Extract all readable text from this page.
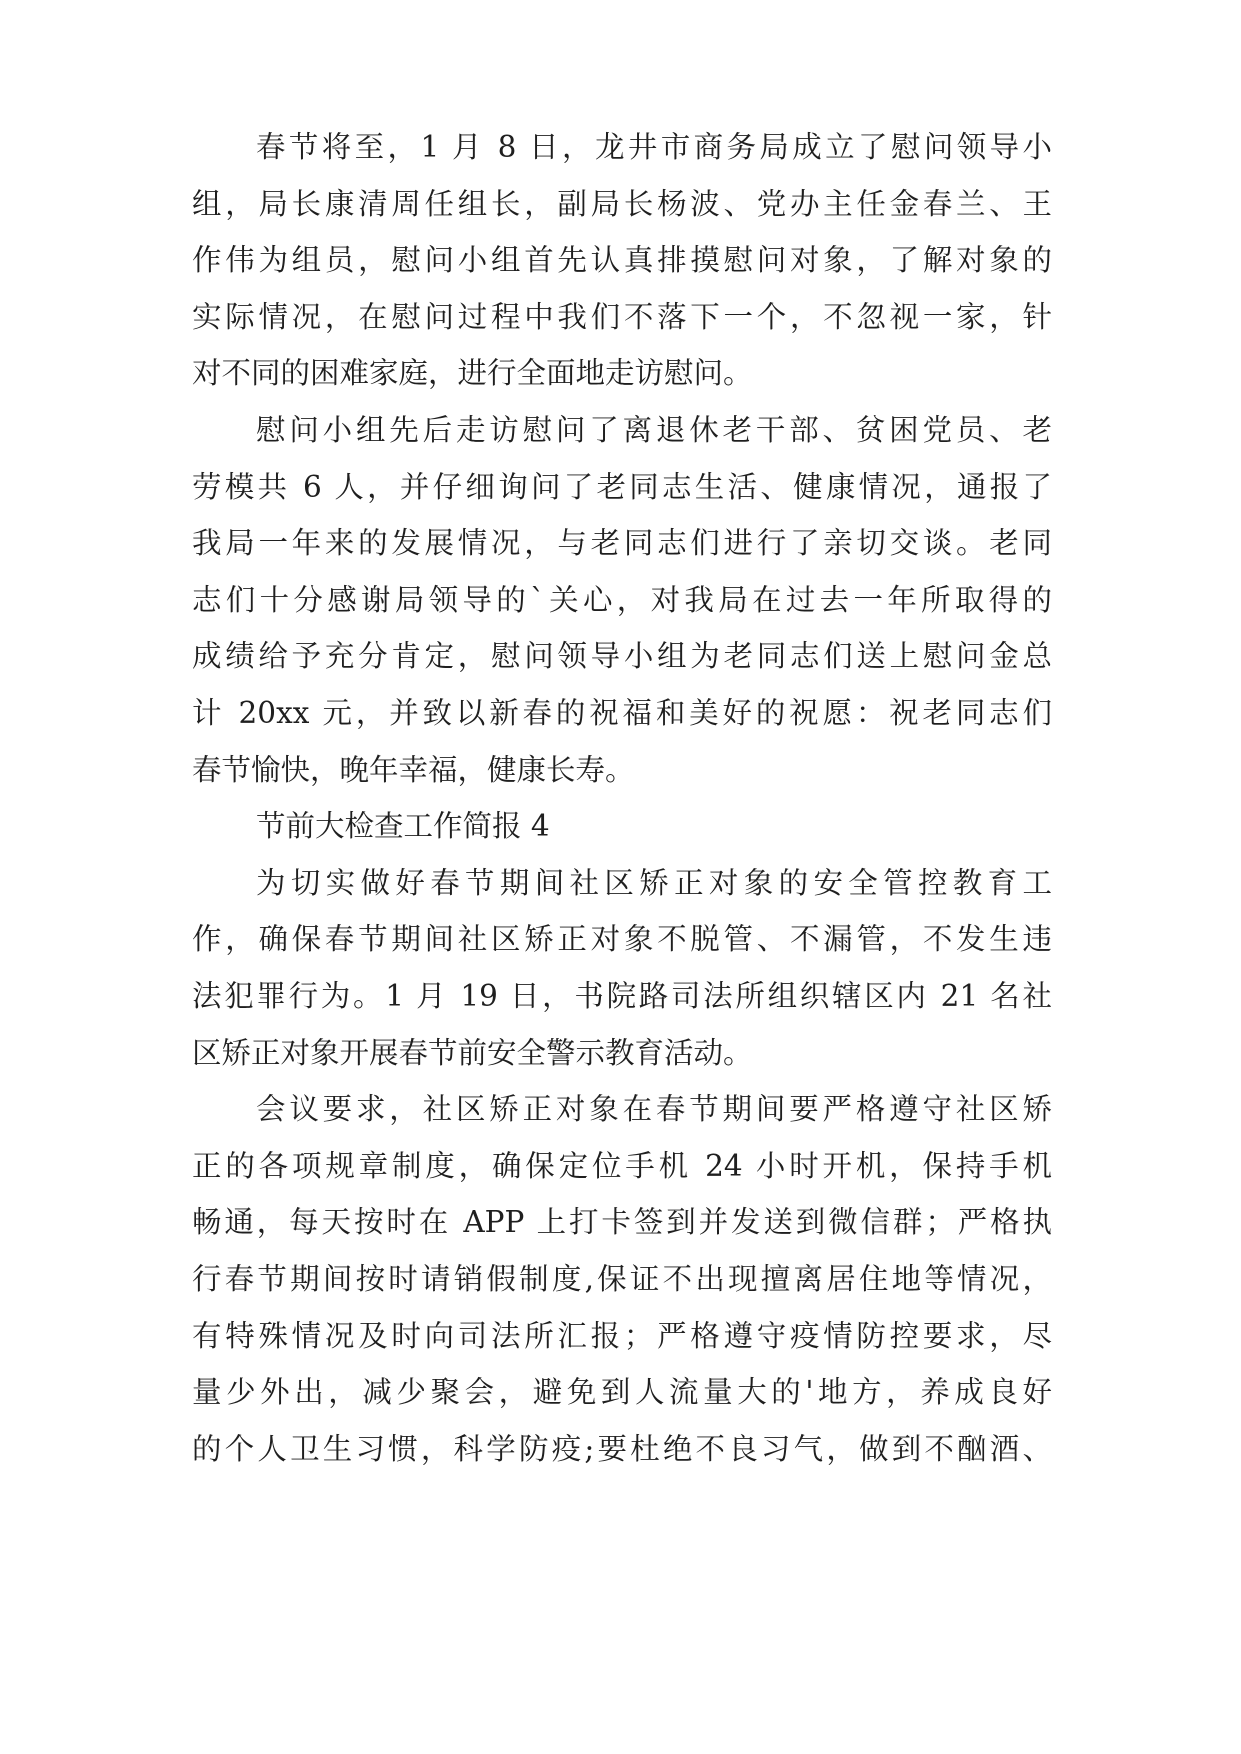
春节将至，1 月 8 日，龙井市商务局成立了慰问领导小
组，局长康清周任组长，副局长杨波、党办主任金春兰、王
作伟为组员，慰问小组首先认真排摸慰问对象，了解对象的
实际情况，在慰问过程中我们不落下一个，不忽视一家，针
对不同的困难家庭，进行全面地走访慰问。
慰问小组先后走访慰问了离退休老干部、贫困党员、老
劳模共 6 人，并仔细询问了老同志生活、健康情况，通报了
我局一年来的发展情况，与老同志们进行了亲切交谈。老同
志们十分感谢局领导的`关心，对我局在过去一年所取得的
成绩给予充分肯定，慰问领导小组为老同志们送上慰问金总
计 20xx 元，并致以新春的祝福和美好的祝愿：祝老同志们
春节愉快，晚年幸福，健康长寿。
节前大检查工作简报 4
为切实做好春节期间社区矫正对象的安全管控教育工
作，确保春节期间社区矫正对象不脱管、不漏管，不发生违
法犯罪行为。1 月 19 日，书院路司法所组织辖区内 21 名社
区矫正对象开展春节前安全警示教育活动。
会议要求，社区矫正对象在春节期间要严格遵守社区矫
正的各项规章制度，确保定位手机 24 小时开机，保持手机
畅通，每天按时在 APP 上打卡签到并发送到微信群；严格执
行春节期间按时请销假制度,保证不出现擅离居住地等情况，
有特殊情况及时向司法所汇报；严格遵守疫情防控要求，尽
量少外出，减少聚会，避免到人流量大的'地方，养成良好
的个人卫生习惯，科学防疫;要杜绝不良习气，做到不酗酒、
